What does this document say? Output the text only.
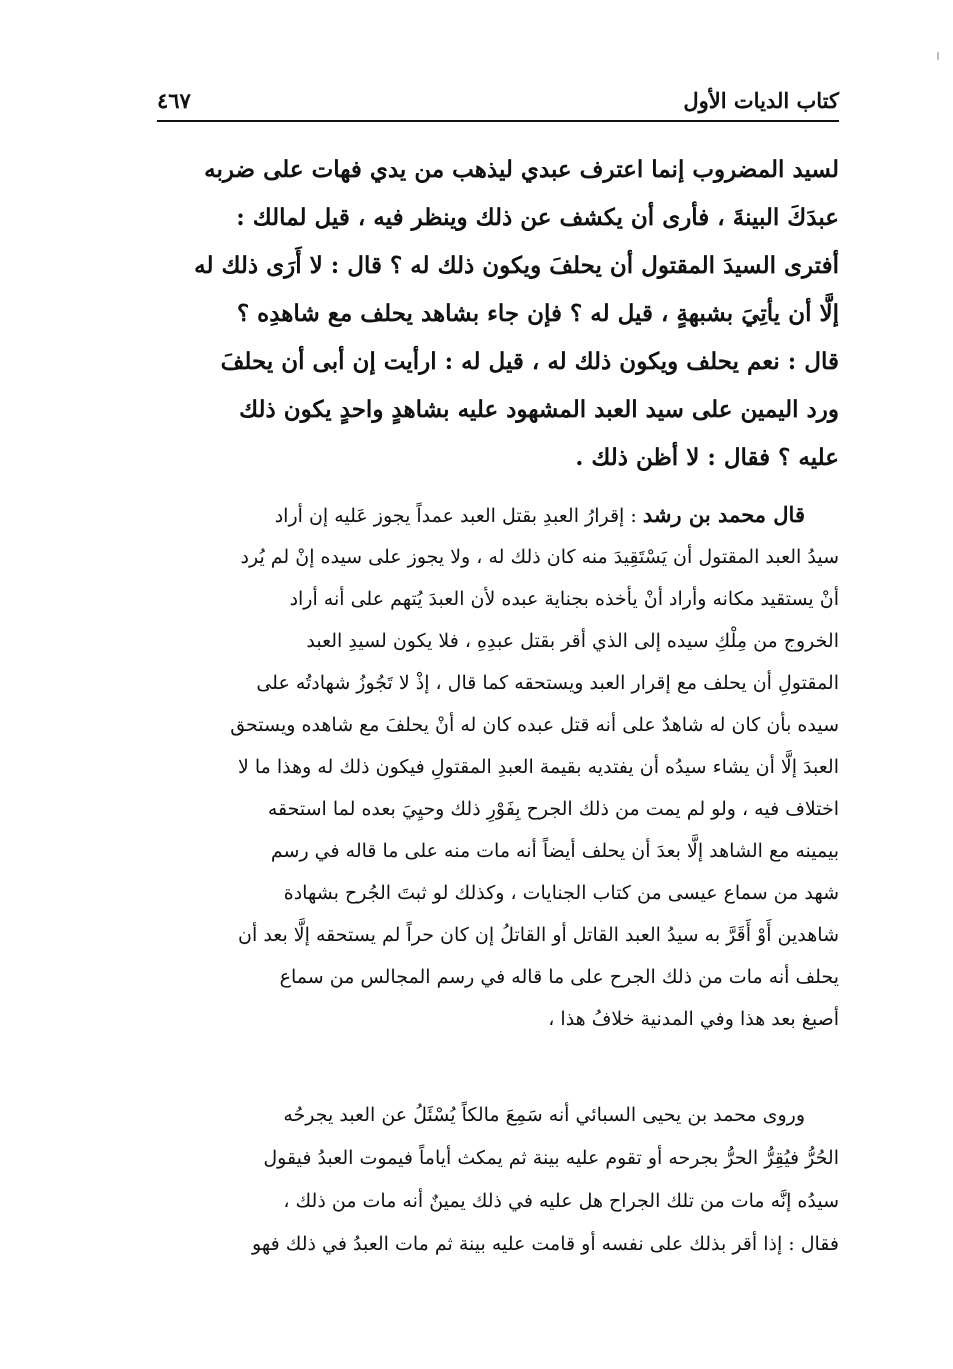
كتاب الديات الأول
٤٦٧
لسيد المضروب إنما اعترف عبدي ليذهب من يدي فهات على ضربه
عبدَكَ البينةَ ، فأرى أن يكشف عن ذلك وينظر فيه ، قيل لمالك :
أفترى السيدَ المقتول أن يحلفَ ويكون ذلك له ؟ قال : لا أَرَى ذلك له
إلَّا أن يأتِيَ بشبهةٍ ، قيل له ؟ فإن جاء بشاهد يحلف مع شاهدِه ؟
قال : نعم يحلف ويكون ذلك له ، قيل له : ارأيت إن أبى أن يحلفَ
ورد اليمين على سيد العبد المشهود عليه بشاهدٍ واحدٍ يكون ذلك
عليه ؟ فقال : لا أظن ذلك .
قال محمد بن رشد : إقرارُ العبدِ بقتل العبد عمداً يجوز عَليه إن أراد
سيدُ العبد المقتول أن يَسْتَقِيدَ منه كان ذلك له ، ولا يجوز على سيده إنْ لم يُرد
أنْ يستقيد مكانه وأراد أنْ يأخذه بجناية عبده لأن العبدَ يُتهم على أنه أراد
الخروج من مِلْكِ سيده إلى الذي أقر بقتل عبدِهِ ، فلا يكون لسيدِ العبد
المقتولِ أن يحلف مع إقرار العبد ويستحقه كما قال ، إذْ لا تَجُوزُ شهادتُه على
سيده بأن كان له شاهدٌ على أنه قتل عبده كان له أنْ يحلفَ مع شاهده ويستحق
العبدَ إلَّا أن يشاء سيدُه أن يفتديه بقيمة العبدِ المقتولِ فيكون ذلك له وهذا ما لا
اختلاف فيه ، ولو لم يمت من ذلك الجرح بِفَوْرِ ذلك وحيِيَ بعده لما استحقه
بيمينه مع الشاهد إلَّا بعدَ أن يحلف أيضاً أنه مات منه على ما قاله في رسم
شهد من سماع عيسى من كتاب الجنايات ، وكذلك لو ثبتَ الجُرح بشهادة
شاهدين أَوْ أَقَرَّ به سيدُ العبد القاتل أو القاتلُ إن كان حراً لم يستحقه إلَّا بعد أن
يحلف أنه مات من ذلك الجرح على ما قاله في رسم المجالس من سماع
أصبغ بعد هذا وفي المدنية خلافُ هذا ،
وروى محمد بن يحيى السبائي أنه سَمِعَ مالكاً يُسْئَلُ عن العبد يجرحُه
الحُرُّ فيُقِرُّ الحرُّ بجرحه أو تقوم عليه بينة ثم يمكث أياماً فيموت العبدُ فيقول
سيدُه إنَّه مات من تلك الجراح هل عليه في ذلك يمينٌ أنه مات من ذلك ،
فقال : إذا أقر بذلك على نفسه أو قامت عليه بينة ثم مات العبدُ في ذلك فهو
